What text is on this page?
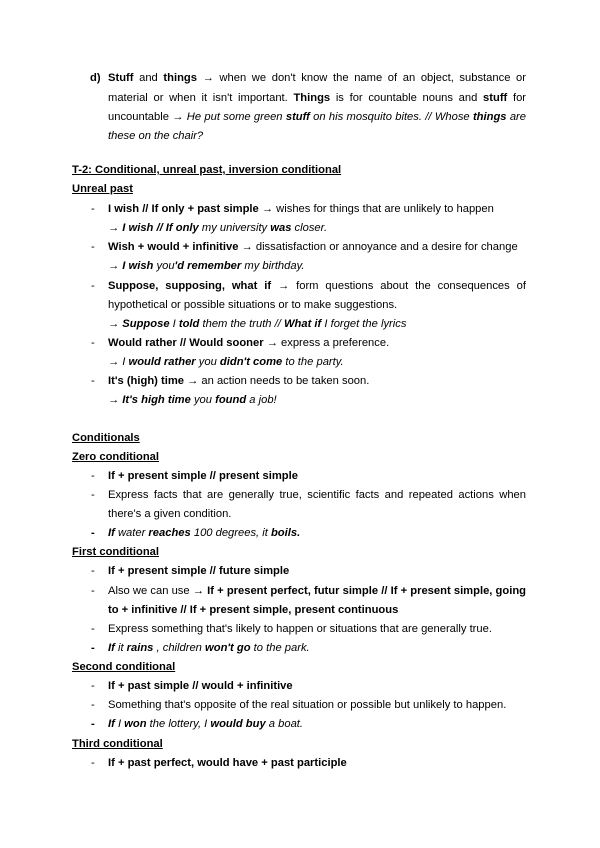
d) Stuff and things → when we don't know the name of an object, substance or
material or when it isn't important. Things is for countable nouns and stuff for
uncountable → He put some green stuff on his mosquito bites. // Whose things are
these on the chair?
T-2: Conditional, unreal past, inversion conditional
Unreal past
- I wish // If only + past simple → wishes for things that are unlikely to happen
→ I wish // If only my university was closer.
- Wish + would + infinitive → dissatisfaction or annoyance and a desire for change
→ I wish you'd remember my birthday.
- Suppose, supposing, what if → form questions about the consequences of
hypothetical or possible situations or to make suggestions.
→ Suppose I told them the truth // What if I forget the lyrics
- Would rather // Would sooner → express a preference.
→ I would rather you didn't come to the party.
- It's (high) time → an action needs to be taken soon.
→ It's high time you found a job!
Conditionals
Zero conditional
- If + present simple // present simple
- Express facts that are generally true, scientific facts and repeated actions when
there's a given condition.
- If water reaches 100 degrees, it boils.
First conditional
- If + present simple // future simple
- Also we can use → If + present perfect, futur simple // If + present simple, going
to + infinitive // If + present simple, present continuous
- Express something that's likely to happen or situations that are generally true.
- If it rains , children won't go to the park.
Second conditional
- If + past simple // would + infinitive
- Something that's opposite of the real situation or possible but unlikely to happen.
- If I won the lottery, I would buy a boat.
Third conditional
- If + past perfect, would have + past participle
